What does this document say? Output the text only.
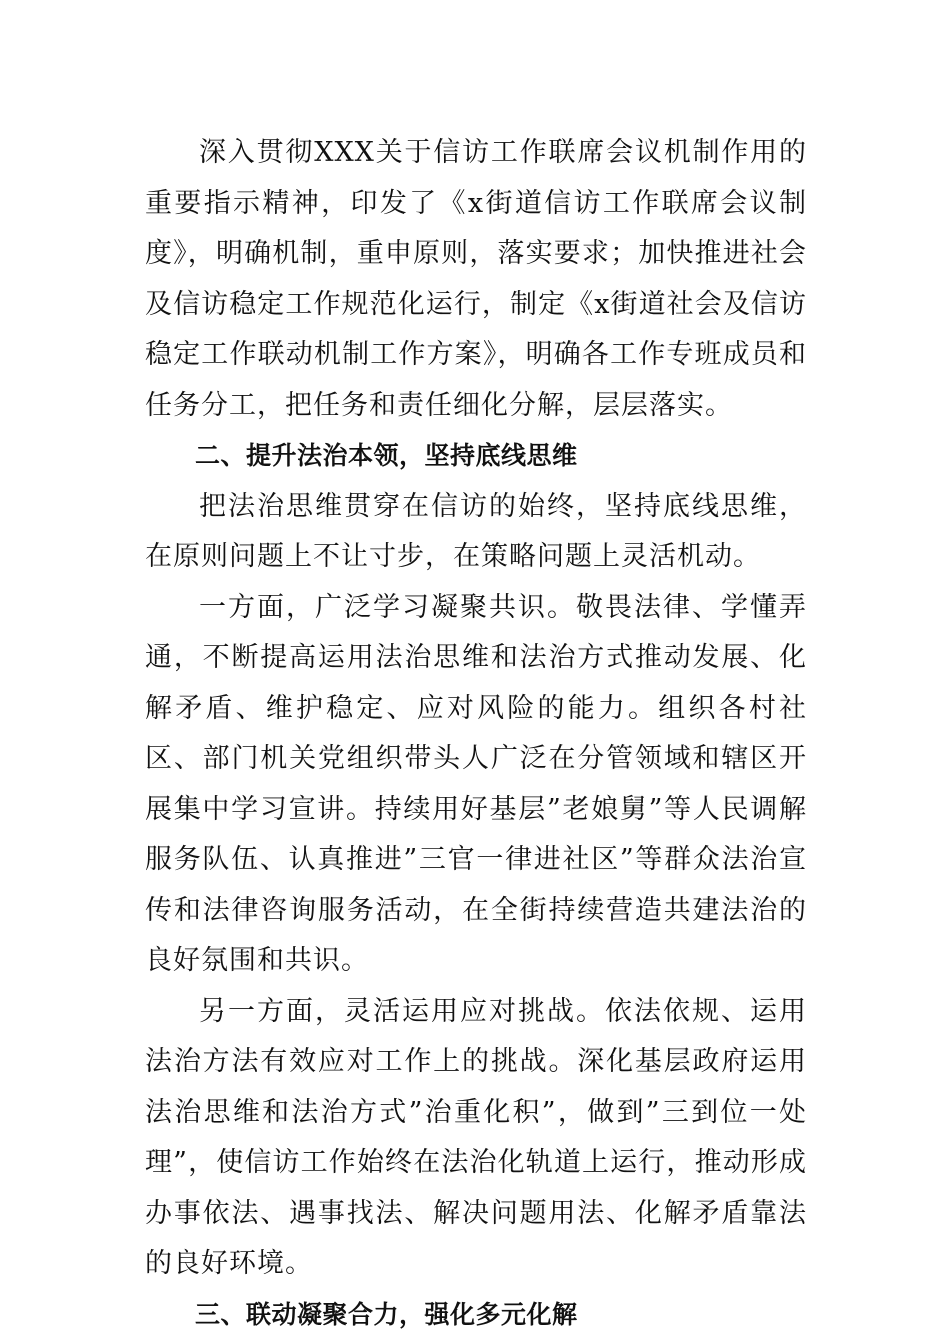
深入贯彻XXX关于信访工作联席会议机制作用的重要指示精神，印发了《x街道信访工作联席会议制度》，明确机制，重申原则，落实要求；加快推进社会及信访稳定工作规范化运行，制定《x街道社会及信访稳定工作联动机制工作方案》，明确各工作专班成员和任务分工，把任务和责任细化分解，层层落实。

二、提升法治本领，坚持底线思维

把法治思维贯穿在信访的始终，坚持底线思维，在原则问题上不让寸步，在策略问题上灵活机动。

一方面，广泛学习凝聚共识。敬畏法律、学懂弄通，不断提高运用法治思维和法治方式推动发展、化解矛盾、维护稳定、应对风险的能力。组织各村社区、部门机关党组织带头人广泛在分管领域和辖区开展集中学习宣讲。持续用好基层”老娘舅”等人民调解服务队伍、认真推进”三官一律进社区”等群众法治宣传和法律咨询服务活动，在全街持续营造共建法治的良好氛围和共识。

另一方面，灵活运用应对挑战。依法依规、运用法治方法有效应对工作上的挑战。深化基层政府运用法治思维和法治方式”治重化积”，做到”三到位一处理”，使信访工作始终在法治化轨道上运行，推动形成办事依法、遇事找法、解决问题用法、化解矛盾靠法的良好环境。

三、联动凝聚合力，强化多元化解
